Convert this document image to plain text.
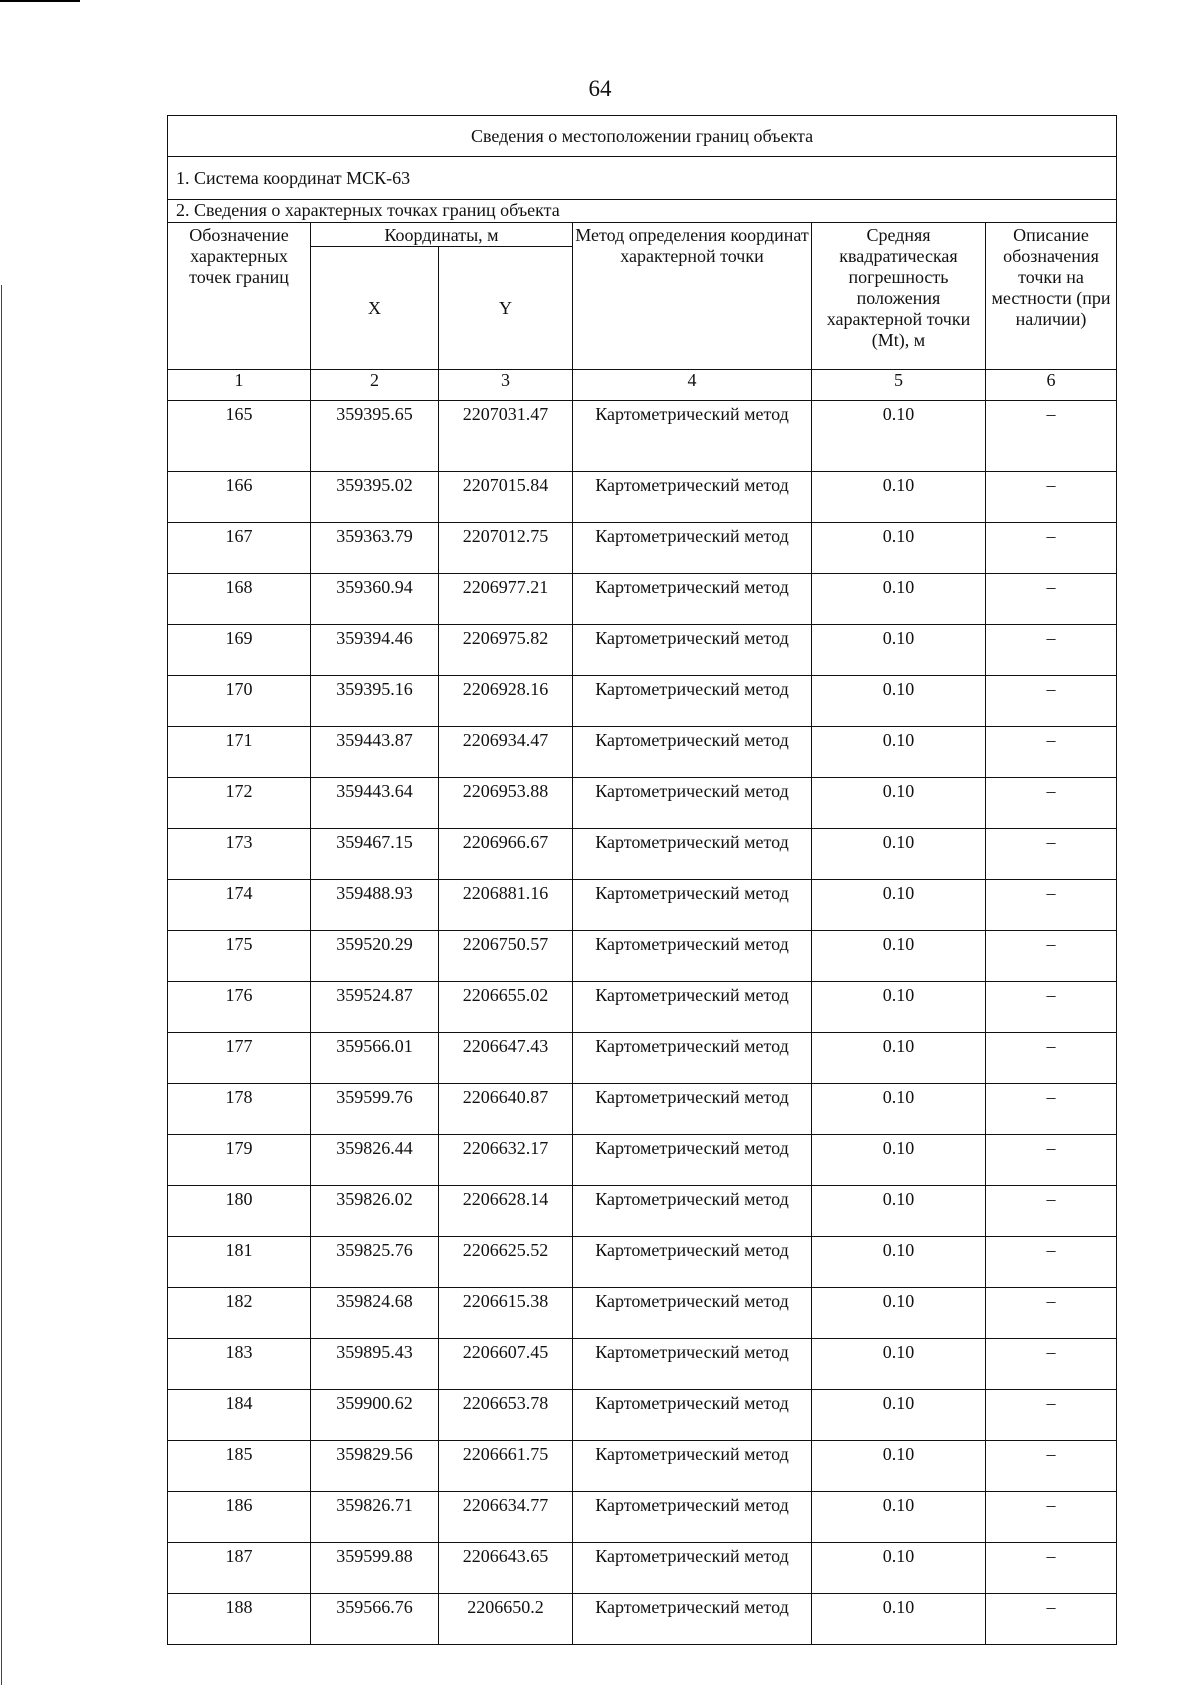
64
Сведения о местоположении границ объекта					
1. Система координат МСК-63					
2. Сведения о характерных точках границ объекта					
Обозначение характерных точек границ	Координаты, м		Метод определения координат характерной точки	Средняя квадратическая погрешность положения характерной точки (Mt), м	Описание обозначения точки на местности (при наличии)
	X	Y			
1	2	3	4	5	6
165	359395.65	2207031.47	Картометрический метод	0.10	–
166	359395.02	2207015.84	Картометрический метод	0.10	–
167	359363.79	2207012.75	Картометрический метод	0.10	–
168	359360.94	2206977.21	Картометрический метод	0.10	–
169	359394.46	2206975.82	Картометрический метод	0.10	–
170	359395.16	2206928.16	Картометрический метод	0.10	–
171	359443.87	2206934.47	Картометрический метод	0.10	–
172	359443.64	2206953.88	Картометрический метод	0.10	–
173	359467.15	2206966.67	Картометрический метод	0.10	–
174	359488.93	2206881.16	Картометрический метод	0.10	–
175	359520.29	2206750.57	Картометрический метод	0.10	–
176	359524.87	2206655.02	Картометрический метод	0.10	–
177	359566.01	2206647.43	Картометрический метод	0.10	–
178	359599.76	2206640.87	Картометрический метод	0.10	–
179	359826.44	2206632.17	Картометрический метод	0.10	–
180	359826.02	2206628.14	Картометрический метод	0.10	–
181	359825.76	2206625.52	Картометрический метод	0.10	–
182	359824.68	2206615.38	Картометрический метод	0.10	–
183	359895.43	2206607.45	Картометрический метод	0.10	–
184	359900.62	2206653.78	Картометрический метод	0.10	–
185	359829.56	2206661.75	Картометрический метод	0.10	–
186	359826.71	2206634.77	Картометрический метод	0.10	–
187	359599.88	2206643.65	Картометрический метод	0.10	–
188	359566.76	2206650.2	Картометрический метод	0.10	–
